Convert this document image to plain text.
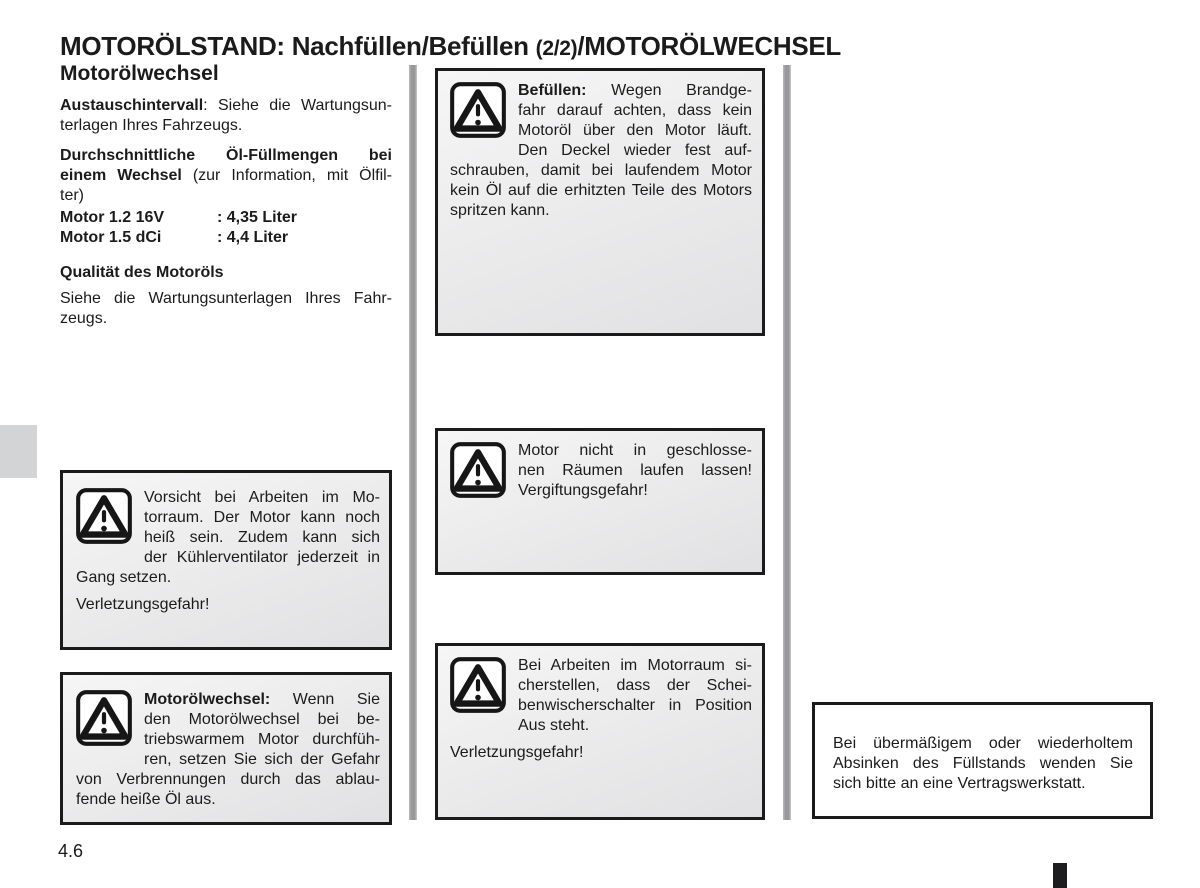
MOTORÖLSTAND: Nachfüllen/Befüllen (2/2)/MOTORÖLWECHSEL
Motorölwechsel
Austauschintervall: Siehe die Wartungsun-
terlagen Ihres Fahrzeugs.
Durchschnittliche Öl-Füllmengen bei
einem Wechsel (zur Information, mit Ölfil-
ter)
Motor 1.2 16V	: 4,35 Liter
Motor 1.5 dCi	: 4,4 Liter
Qualität des Motoröls
Siehe die Wartungsunterlagen Ihres Fahr-
zeugs.
Vorsicht bei Arbeiten im Mo-
torraum. Der Motor kann noch
heiß sein. Zudem kann sich
der Kühlerventilator jederzeit in
Gang setzen.
Verletzungsgefahr!
Motorölwechsel: Wenn Sie
den Motorölwechsel bei be-
triebswarmem Motor durchfüh-
ren, setzen Sie sich der Gefahr
von Verbrennungen durch das ablau-
fende heiße Öl aus.
Befüllen: Wegen Brandge-
fahr darauf achten, dass kein
Motoröl über den Motor läuft.
Den Deckel wieder fest auf-
schrauben, damit bei laufendem Motor
kein Öl auf die erhitzten Teile des Motors
spritzen kann.
Motor nicht in geschlosse-
nen Räumen laufen lassen!
Vergiftungsgefahr!
Bei Arbeiten im Motorraum si-
cherstellen, dass der Schei-
benwischerschalter in Position
Aus steht.
Verletzungsgefahr!
Bei übermäßigem oder wiederholtem
Absinken des Füllstands wenden Sie
sich bitte an eine Vertragswerkstatt.
4.6
